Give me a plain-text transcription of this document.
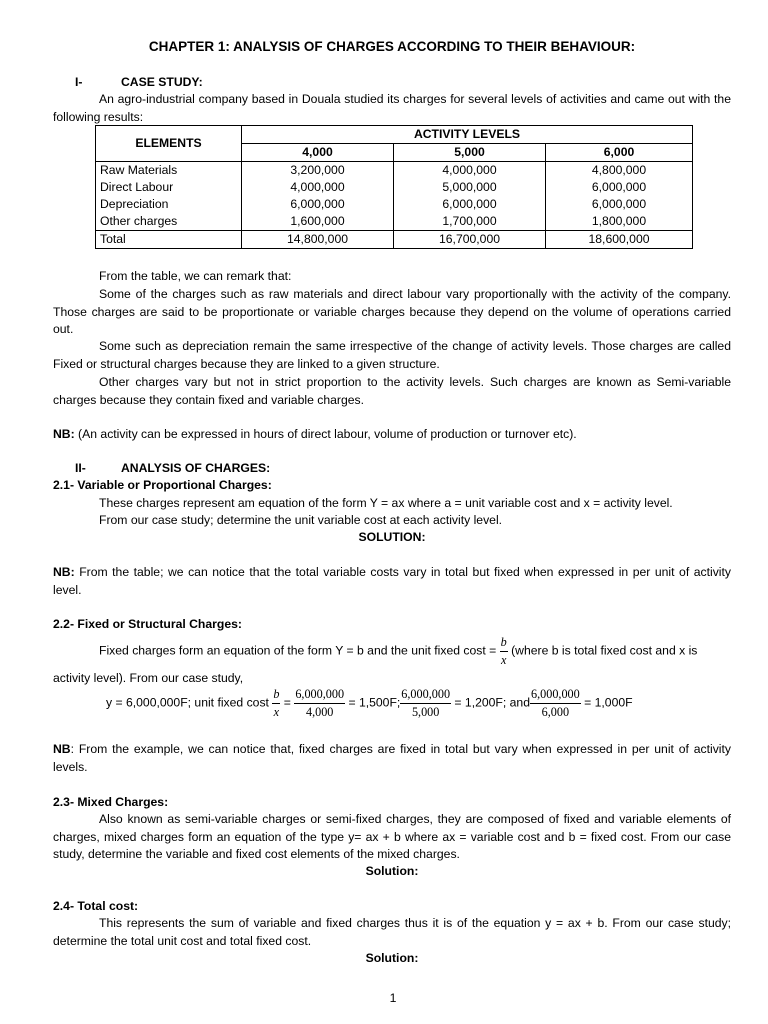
CHAPTER 1: ANALYSIS OF CHARGES ACCORDING TO THEIR BEHAVIOUR:
I-	CASE STUDY:
An agro-industrial company based in Douala studied its charges for several levels of activities and came out with the following results:
ELEMENTS	ACTIVITY LEVELS		
	4,000	5,000	6,000
Raw Materials	3,200,000	4,000,000	4,800,000
Direct Labour	4,000,000	5,000,000	6,000,000
Depreciation	6,000,000	6,000,000	6,000,000
Other charges	1,600,000	1,700,000	1,800,000
Total	14,800,000	16,700,000	18,600,000
From the table, we can remark that:
Some of the charges such as raw materials and direct labour vary proportionally with the activity of the company. Those charges are said to be proportionate or variable charges because they depend on the volume of operations carried out.
Some such as depreciation remain the same irrespective of the change of activity levels. Those charges are called Fixed or structural charges because they are linked to a given structure.
Other charges vary but not in strict proportion to the activity levels. Such charges are known as Semi-variable charges because they contain fixed and variable charges.
NB: (An activity can be expressed in hours of direct labour, volume of production or turnover etc).
II-	ANALYSIS OF CHARGES:
2.1- Variable or Proportional Charges:
These charges represent am equation of the form Y = ax where a = unit variable cost and x = activity level.
From our case study; determine the unit variable cost at each activity level.
SOLUTION:
NB: From the table; we can notice that the total variable costs vary in total but fixed when expressed in per unit of activity level.
2.2- Fixed or Structural Charges:
Fixed charges form an equation of the form Y = b and the unit fixed $\cos t = \frac{b}{x}$ (where b is total fixed cost and x is
activity level). From our case study,
y = 6,000,000F; unit fixed cost $\frac{b}{x} = \frac{6,000,000}{4,000} = 1,500F$; $\frac{6,000,000}{5,000} = 1,200F$; and $\frac{6,000,000}{6,000} = 1,000F$
NB: From the example, we can notice that, fixed charges are fixed in total but vary when expressed in per unit of activity levels.
2.3- Mixed Charges:
Also known as semi-variable charges or semi-fixed charges, they are composed of fixed and variable elements of charges, mixed charges form an equation of the type y= ax + b where ax = variable cost and b = fixed cost. From our case study, determine the variable and fixed cost elements of the mixed charges.
Solution:
2.4- Total cost:
This represents the sum of variable and fixed charges thus it is of the equation y = ax + b. From our case study; determine the total unit cost and total fixed cost.
Solution:
1
